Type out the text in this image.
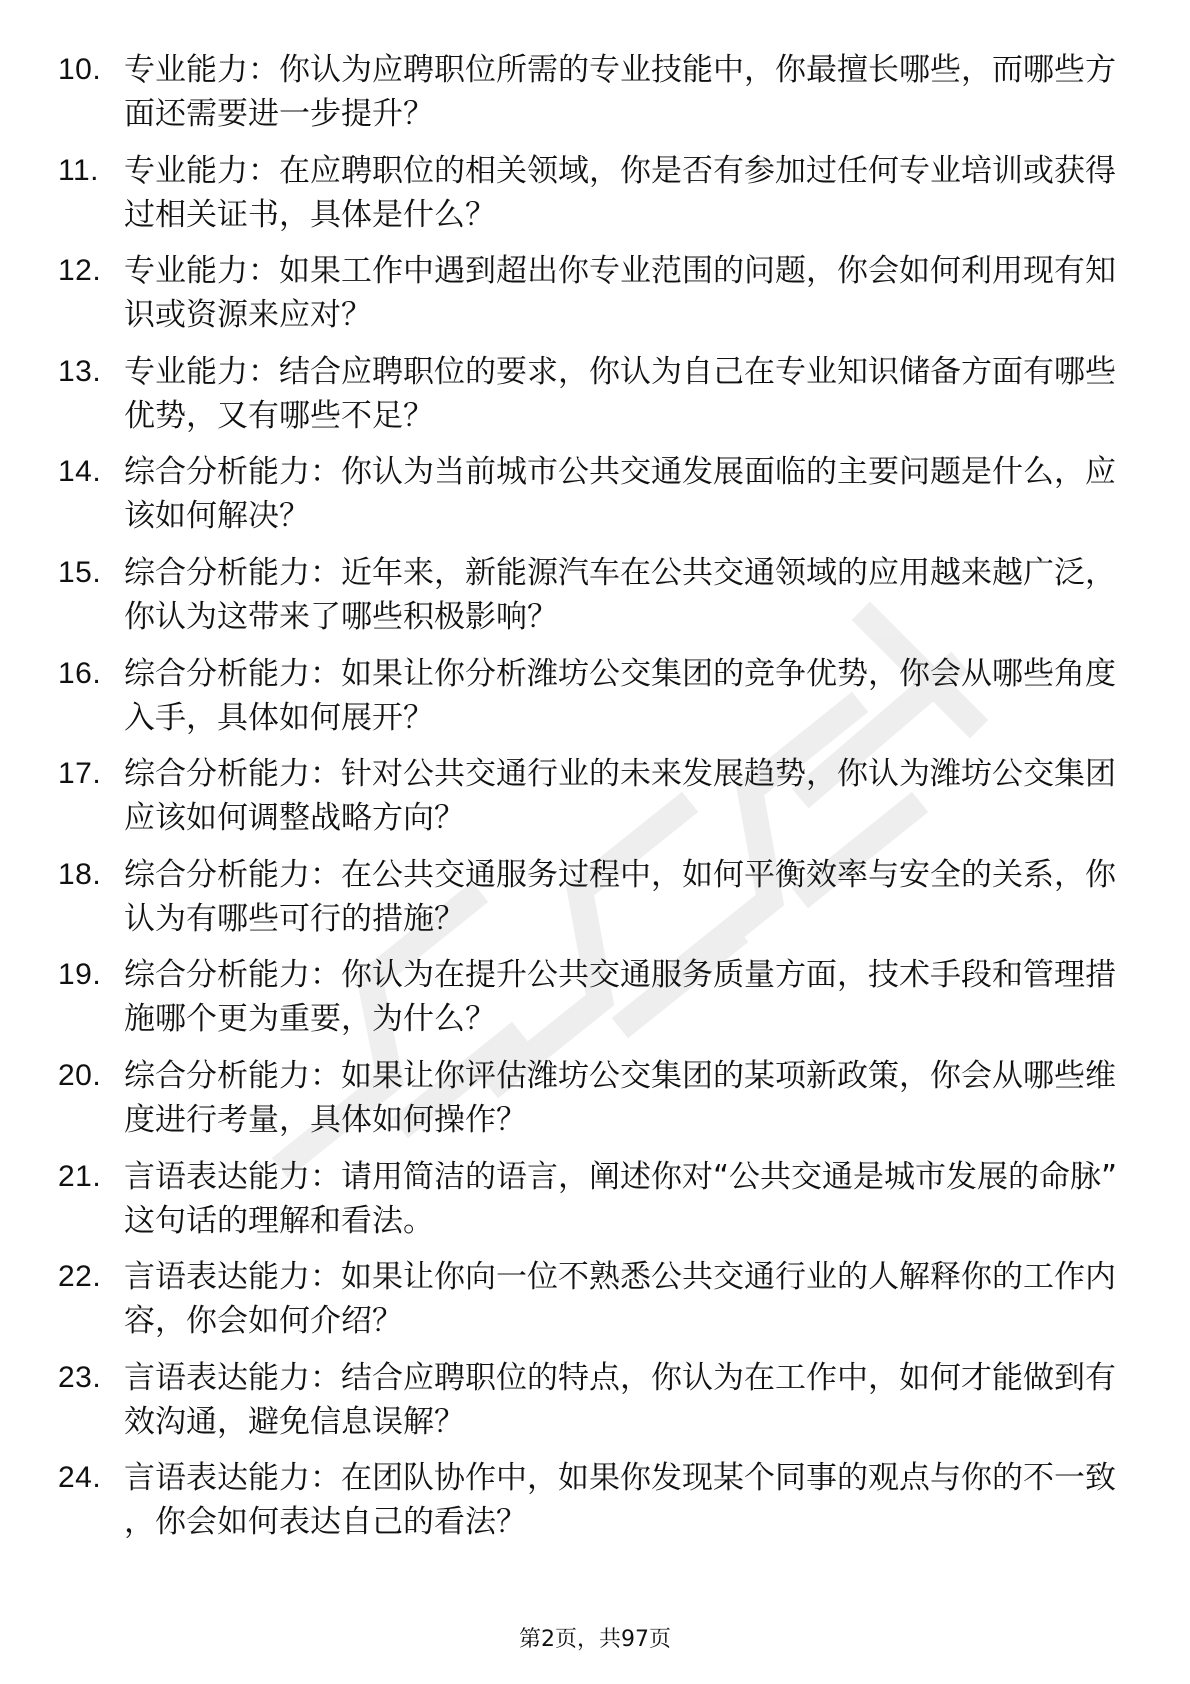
10. 专业能力：你认为应聘职位所需的专业技能中，你最擅长哪些，而哪些方面还需要进一步提升？
11. 专业能力：在应聘职位的相关领域，你是否有参加过任何专业培训或获得过相关证书，具体是什么？
12. 专业能力：如果工作中遇到超出你专业范围的问题，你会如何利用现有知识或资源来应对？
13. 专业能力：结合应聘职位的要求，你认为自己在专业知识储备方面有哪些优势，又有哪些不足？
14. 综合分析能力：你认为当前城市公共交通发展面临的主要问题是什么，应该如何解决？
15. 综合分析能力：近年来，新能源汽车在公共交通领域的应用越来越广泛，你认为这带来了哪些积极影响？
16. 综合分析能力：如果让你分析潍坊公交集团的竞争优势，你会从哪些角度入手，具体如何展开？
17. 综合分析能力：针对公共交通行业的未来发展趋势，你认为潍坊公交集团应该如何调整战略方向？
18. 综合分析能力：在公共交通服务过程中，如何平衡效率与安全的关系，你认为有哪些可行的措施？
19. 综合分析能力：你认为在提升公共交通服务质量方面，技术手段和管理措施哪个更为重要，为什么？
20. 综合分析能力：如果让你评估潍坊公交集团的某项新政策，你会从哪些维度进行考量，具体如何操作？
21. 言语表达能力：请用简洁的语言，阐述你对“公共交通是城市发展的命脉”这句话的理解和看法。
22. 言语表达能力：如果让你向一位不熟悉公共交通行业的人解释你的工作内容，你会如何介绍？
23. 言语表达能力：结合应聘职位的特点，你认为在工作中，如何才能做到有效沟通，避免信息误解？
24. 言语表达能力：在团队协作中，如果你发现某个同事的观点与你的不一致，你会如何表达自己的看法？
第2页，共97页
